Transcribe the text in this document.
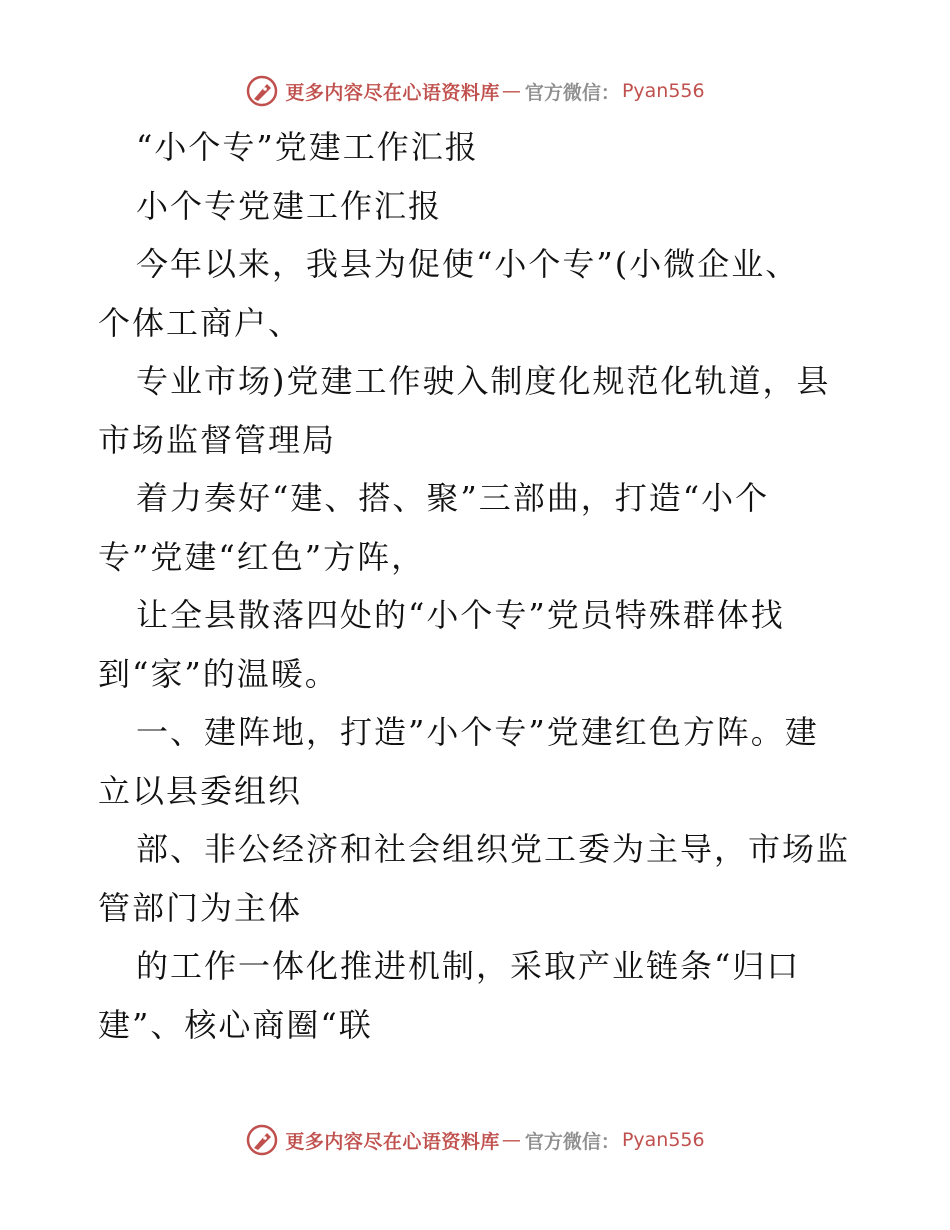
更多内容尽在心语资料库 — 官方微信： Pyan556
“小个专”党建工作汇报
小个专党建工作汇报
今年以来，我县为促使“小个专”(小微企业、
个体工商户、
专业市场)党建工作驶入制度化规范化轨道，县
市场监督管理局
着力奏好“建、搭、聚”三部曲，打造“小个
专”党建“红色”方阵，
让全县散落四处的“小个专”党员特殊群体找
到“家”的温暖。
一、建阵地，打造”小个专”党建红色方阵。建
立以县委组织
部、非公经济和社会组织党工委为主导，市场监
管部门为主体
的工作一体化推进机制，采取产业链条“归口
建”、核心商圈“联
更多内容尽在心语资料库 — 官方微信： Pyan556
